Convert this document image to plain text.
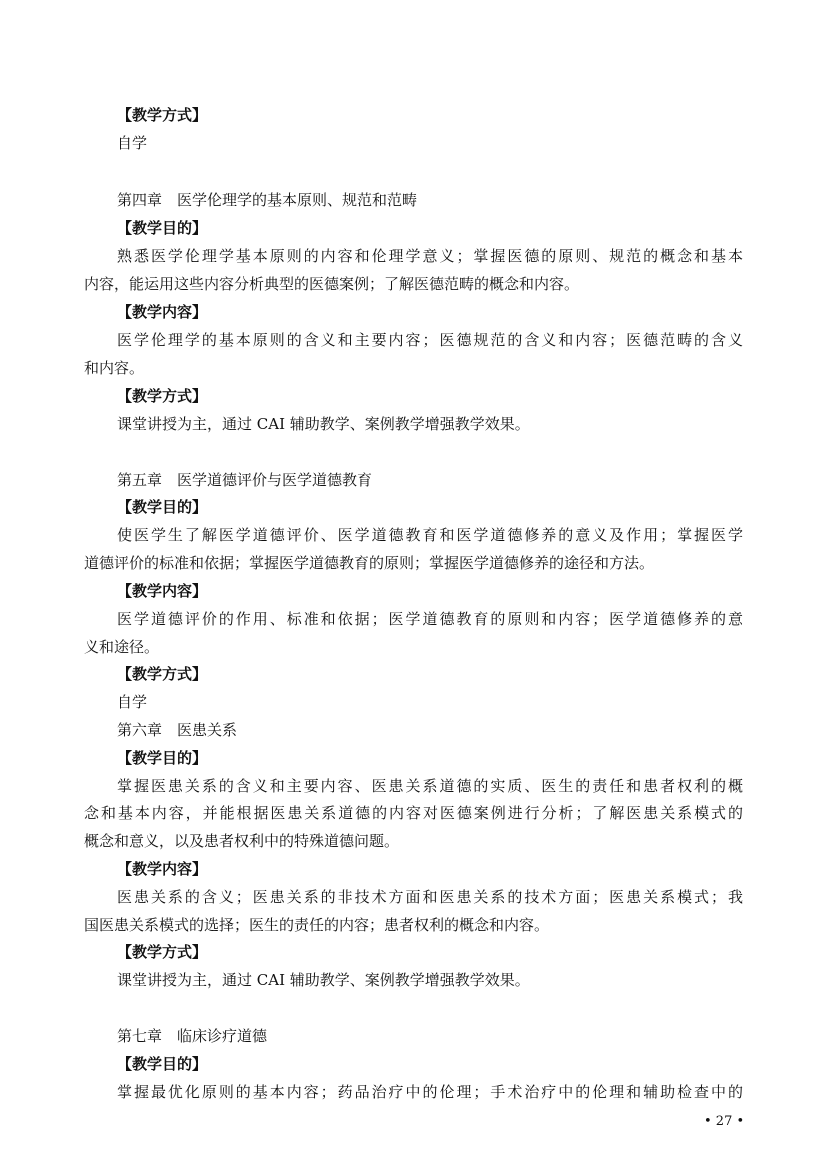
【教学方式】
自学
第四章 医学伦理学的基本原则、规范和范畴
【教学目的】
熟悉医学伦理学基本原则的内容和伦理学意义；掌握医德的原则、规范的概念和基本
内容，能运用这些内容分析典型的医德案例；了解医德范畴的概念和内容。
【教学内容】
医学伦理学的基本原则的含义和主要内容；医德规范的含义和内容；医德范畴的含义
和内容。
【教学方式】
课堂讲授为主，通过 CAI 辅助教学、案例教学增强教学效果。
第五章 医学道德评价与医学道德教育
【教学目的】
使医学生了解医学道德评价、医学道德教育和医学道德修养的意义及作用；掌握医学
道德评价的标准和依据；掌握医学道德教育的原则；掌握医学道德修养的途径和方法。
【教学内容】
医学道德评价的作用、标准和依据；医学道德教育的原则和内容；医学道德修养的意
义和途径。
【教学方式】
自学
第六章 医患关系
【教学目的】
掌握医患关系的含义和主要内容、医患关系道德的实质、医生的责任和患者权利的概
念和基本内容，并能根据医患关系道德的内容对医德案例进行分析；了解医患关系模式的
概念和意义，以及患者权利中的特殊道德问题。
【教学内容】
医患关系的含义；医患关系的非技术方面和医患关系的技术方面；医患关系模式；我
国医患关系模式的选择；医生的责任的内容；患者权利的概念和内容。
【教学方式】
课堂讲授为主，通过 CAI 辅助教学、案例教学增强教学效果。
第七章 临床诊疗道德
【教学目的】
掌握最优化原则的基本内容；药品治疗中的伦理；手术治疗中的伦理和辅助检查中的
• 27 •
